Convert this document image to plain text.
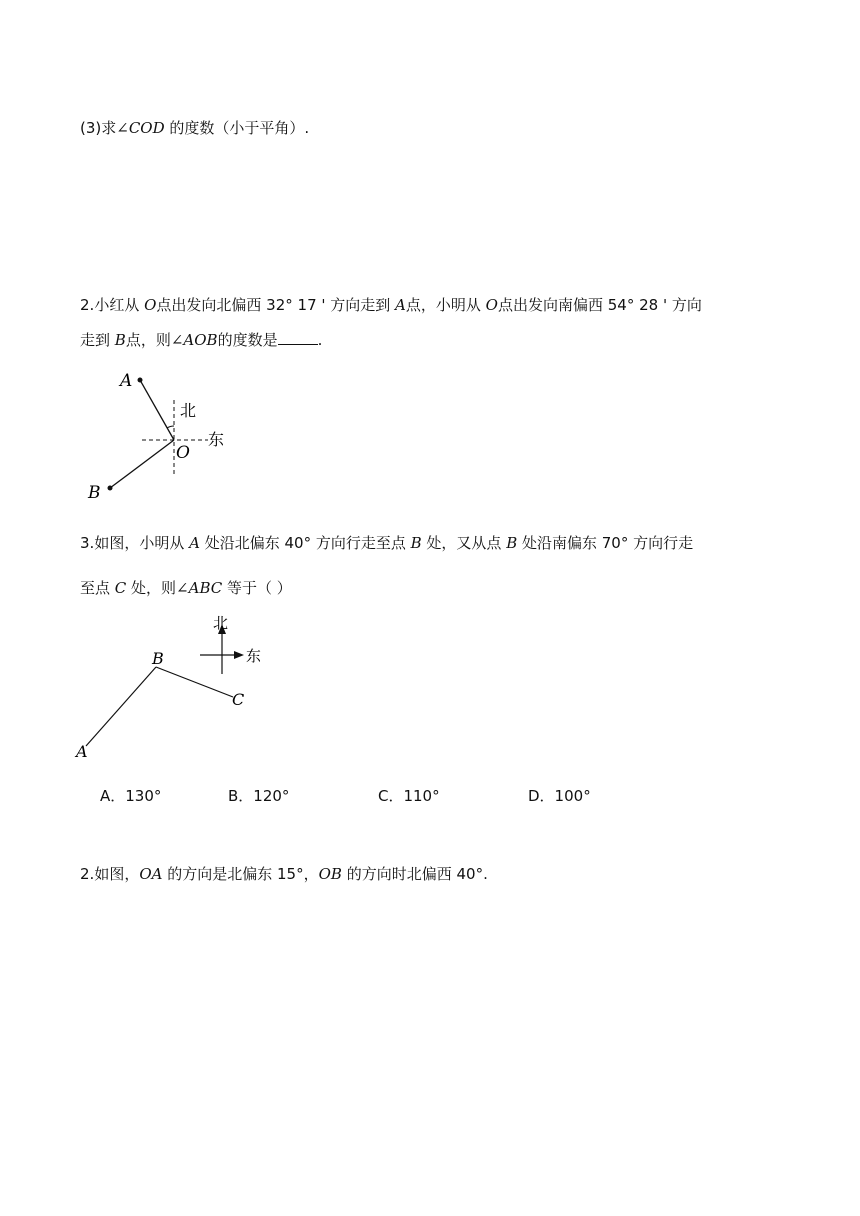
(3)求∠COD 的度数（小于平角）.
2.小红从 O点出发向北偏西 32° 17 ' 方向走到 A点，小明从 O点出发向南偏西 54° 28 ' 方向
走到 B点，则∠AOB的度数是	.
A
B
O
北
东
3.如图，小明从 A 处沿北偏东 40° 方向行走至点 B 处，又从点 B 处沿南偏东 70° 方向行走
至点 C 处，则∠ABC 等于（ ）
北
东
A
B
C
A．130°	B．120°	C．110°	D．100°
2.如图，OA 的方向是北偏东 15°，OB 的方向时北偏西 40°.
